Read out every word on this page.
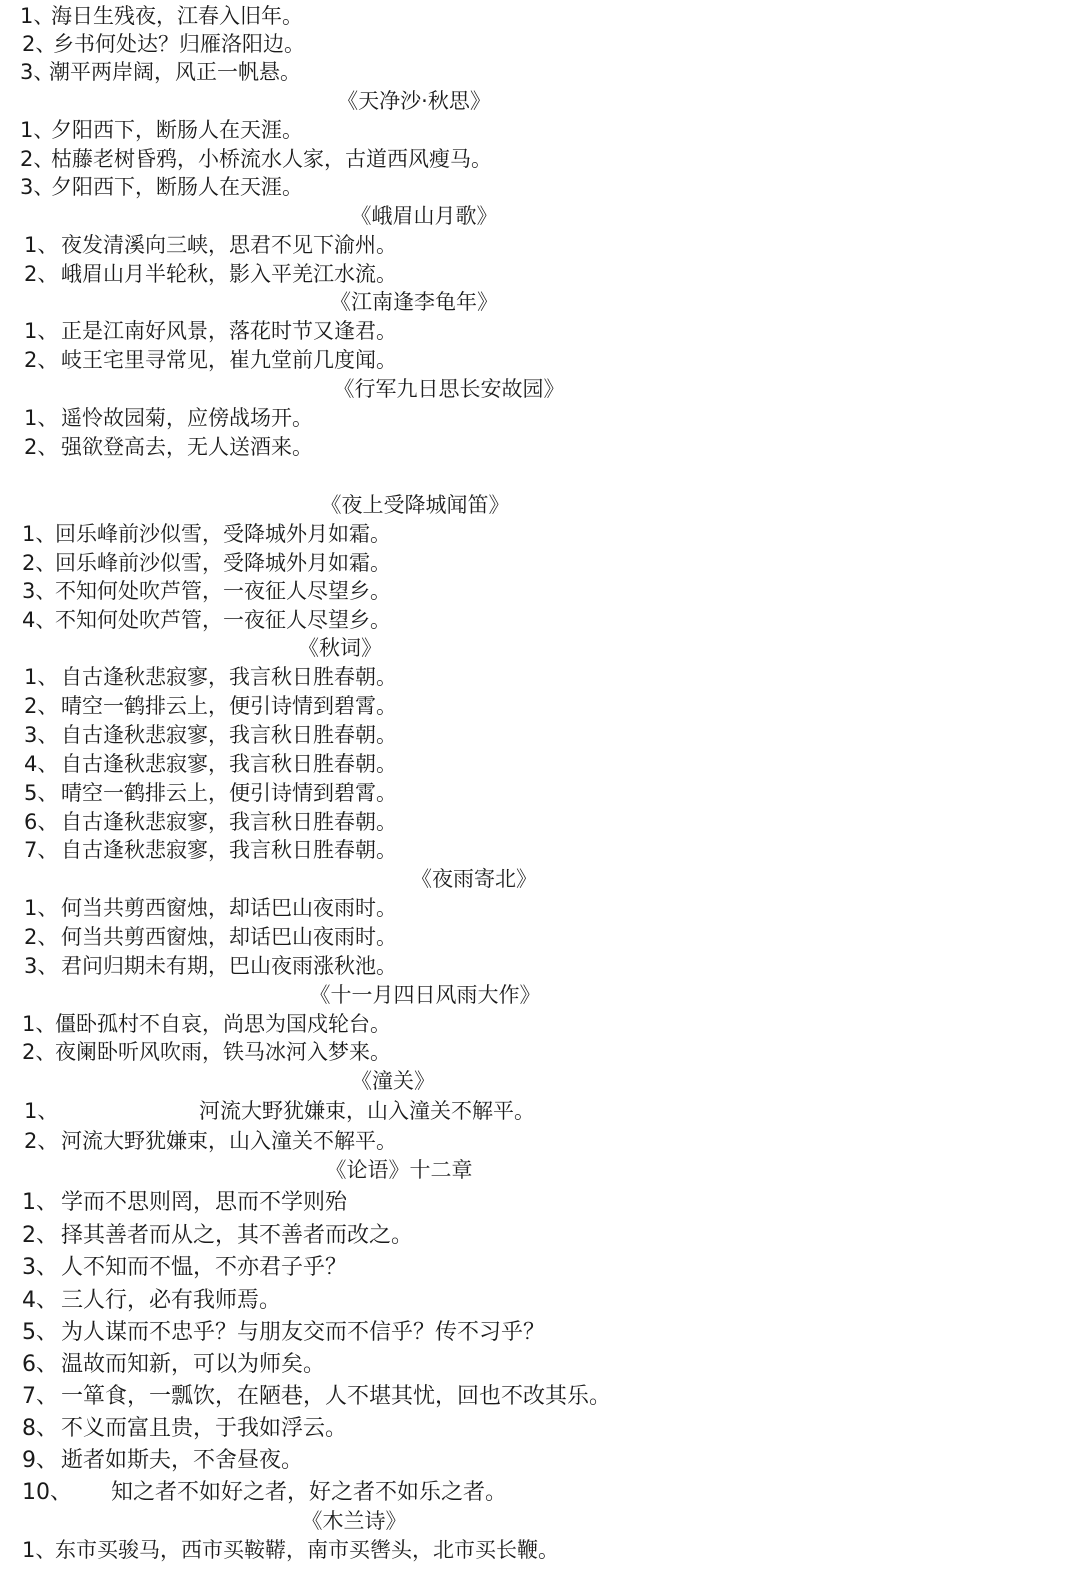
1、
海日生残夜，江春入旧年。
2、
乡书何处达？归雁洛阳边。
3、
潮平两岸阔，风正一帆悬。
《天净沙·秋思》
1、
夕阳西下，断肠人在天涯。
2、
枯藤老树昏鸦，小桥流水人家，古道西风瘦马。
3、
夕阳西下，断肠人在天涯。
《峨眉山月歌》
1、 夜发清溪向三峡，思君不见下渝州。
2、 峨眉山月半轮秋，影入平羌江水流。
《江南逢李龟年》
1、 正是江南好风景，落花时节又逢君。
2、 岐王宅里寻常见，崔九堂前几度闻。
《行军九日思长安故园》
1、 遥怜故园菊，应傍战场开。
2、 强欲登高去，无人送酒来。
《夜上受降城闻笛》
1、
回乐峰前沙似雪，受降城外月如霜。
2、
回乐峰前沙似雪，受降城外月如霜。
3、
不知何处吹芦管，一夜征人尽望乡。
4、
不知何处吹芦管，一夜征人尽望乡。
《秋词》
1、 自古逢秋悲寂寥，我言秋日胜春朝。
2、 晴空一鹤排云上，便引诗情到碧霄。
3、 自古逢秋悲寂寥，我言秋日胜春朝。
4、 自古逢秋悲寂寥，我言秋日胜春朝。
5、 晴空一鹤排云上，便引诗情到碧霄。
6、 自古逢秋悲寂寥，我言秋日胜春朝。
7、 自古逢秋悲寂寥，我言秋日胜春朝。
《夜雨寄北》
1、 何当共剪西窗烛，却话巴山夜雨时。
2、 何当共剪西窗烛，却话巴山夜雨时。
3、 君问归期未有期，巴山夜雨涨秋池。
《十一月四日风雨大作》
1、
僵卧孤村不自哀，尚思为国戍轮台。
2、
夜阑卧听风吹雨，铁马冰河入梦来。
《潼关》
1、	河流大野犹嫌束，山入潼关不解平。
2、 河流大野犹嫌束，山入潼关不解平。
《论语》十二章
1、 学而不思则罔，思而不学则殆
2、 择其善者而从之，其不善者而改之。
3、 人不知而不愠，不亦君子乎？
4、 三人行，必有我师焉。
5、 为人谋而不忠乎？与朋友交而不信乎？传不习乎？
6、 温故而知新，可以为师矣。
7、 一箪食，一瓢饮，在陋巷，人不堪其忧，回也不改其乐。
8、 不义而富且贵，于我如浮云。
9、 逝者如斯夫，不舍昼夜。
10、 知之者不如好之者，好之者不如乐之者。
《木兰诗》
1、
东市买骏马，西市买鞍鞯，南市买辔头，北市买长鞭。
